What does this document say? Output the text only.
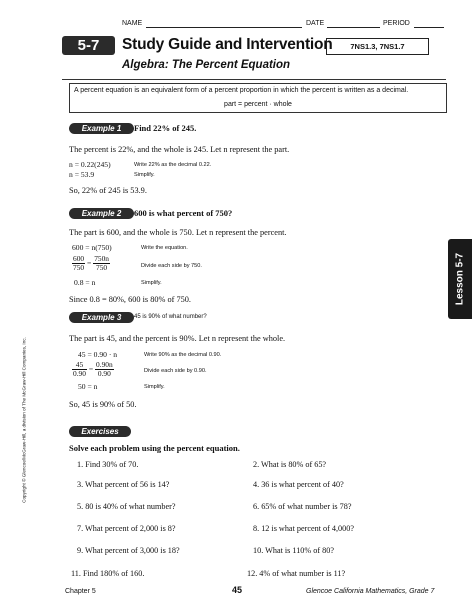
NAME	DATE	PERIOD
5-7	Study Guide and Intervention	7NS1.3, 7NS1.7
Algebra: The Percent Equation
A percent equation is an equivalent form of a percent proportion in which the percent is written as a decimal.
part = percent · whole
Example 1	Find 22% of 245.
The percent is 22%, and the whole is 245. Let n represent the part.
n = 0.22(245)	Write 22% as the decimal 0.22.
n = 53.9	Simplify.
So, 22% of 245 is 53.9.
Example 2	600 is what percent of 750?
The part is 600, and the whole is 750. Let n represent the percent.
600 = n(750)	Write the equation.
$\frac{600}{750} = \frac{750n}{750}$	Divide each side by 750.
0.8 = n	Simplify.
Since 0.8 = 80%, 600 is 80% of 750.
Example 3	45 is 90% of what number?
The part is 45, and the percent is 90%. Let n represent the whole.
45 = 0.90 · n	Write 90% as the decimal 0.90.
$\frac{45}{0.90} = \frac{0.90n}{0.90}$	Divide each side by 0.90.
50 = n	Simplify.
So, 45 is 90% of 50.
Exercises
Solve each problem using the percent equation.
1. Find 30% of 70.	2. What is 80% of 65?
3. What percent of 56 is 14?	4. 36 is what percent of 40?
5. 80 is 40% of what number?	6. 65% of what number is 78?
7. What percent of 2,000 is 8?	8. 12 is what percent of 4,000?
9. What percent of 3,000 is 18?	10. What is 110% of 80?
11. Find 180% of 160.	12. 4% of what number is 11?
Lesson 5-7
Copyright © Glencoe/McGraw-Hill, a division of The McGraw-Hill Companies, Inc.
Chapter 5	45	Glencoe California Mathematics, Grade 7
